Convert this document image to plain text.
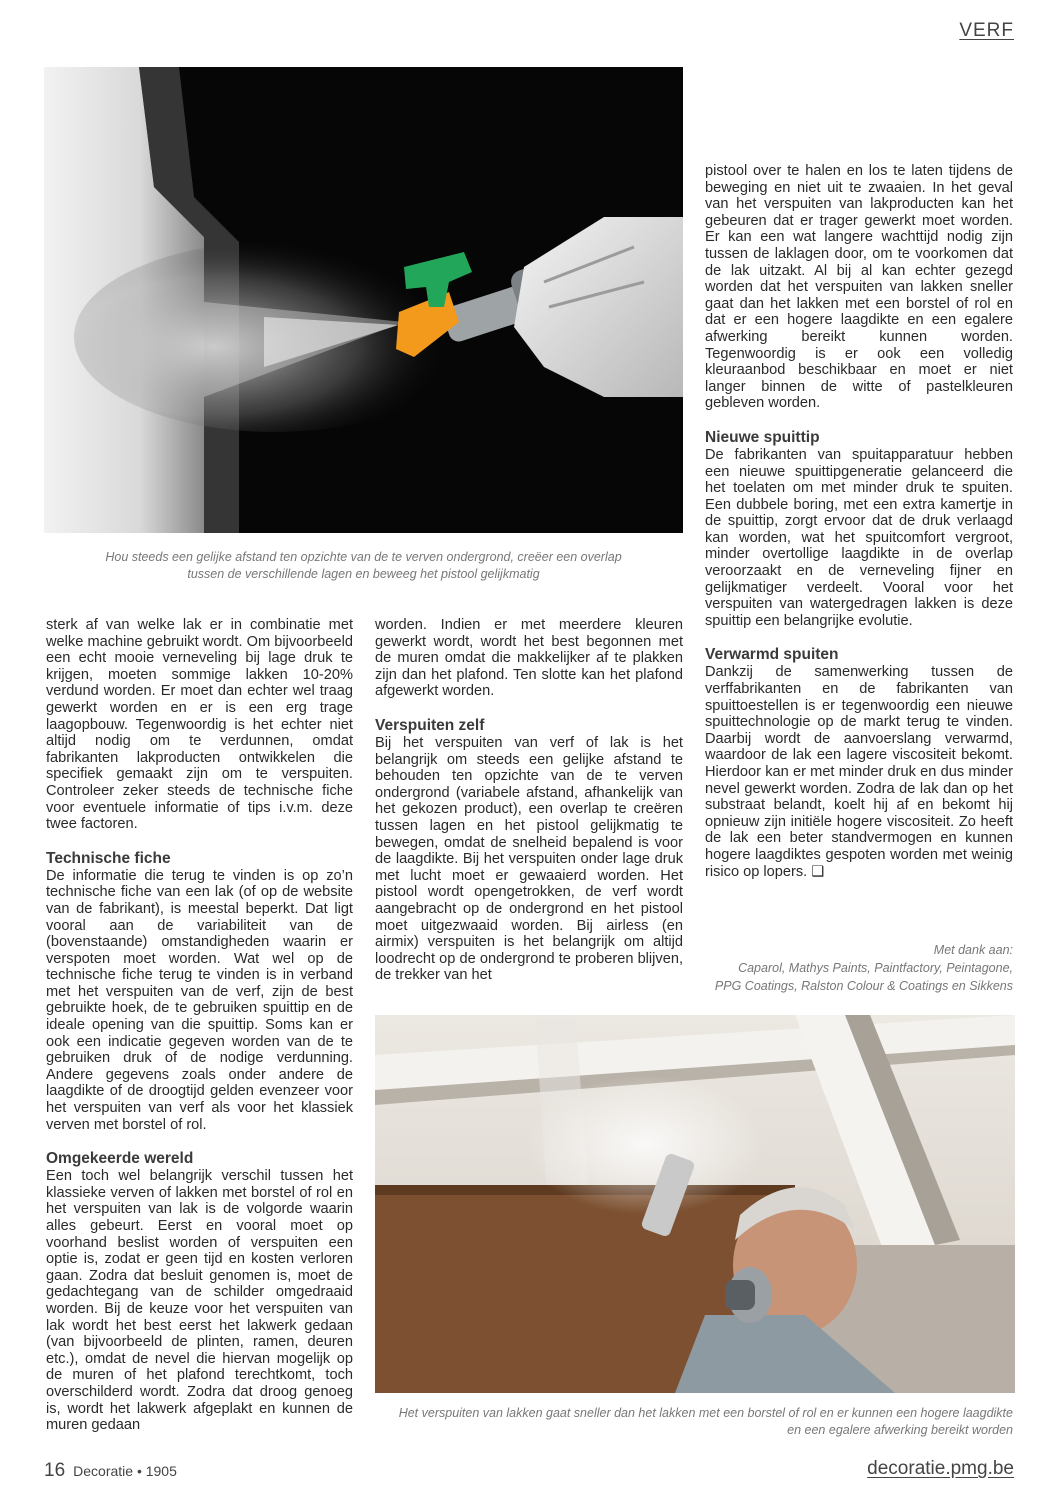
VERF
Hou steeds een gelijke afstand ten opzichte van de te verven ondergrond, creëer een overlap
tussen de verschillende lagen en beweeg het pistool gelijkmatig

pistool over te halen en los te laten tijdens de beweging en niet uit te zwaaien. In het geval van het verspuiten van lakproducten kan het gebeuren dat er trager gewerkt moet worden. Er kan een wat langere wachttijd nodig zijn tussen de laklagen door, om te voorkomen dat de lak uitzakt. Al bij al kan echter gezegd worden dat het verspuiten van lakken sneller gaat dan het lakken met een borstel of rol en dat er een hogere laagdikte en een egalere afwerking bereikt kunnen worden. Tegenwoordig is er ook een volledig kleuraanbod beschikbaar en moet er niet langer binnen de witte of pastelkleuren gebleven worden.

Nieuwe spuittip

De fabrikanten van spuitapparatuur hebben een nieuwe spuittipgeneratie gelanceerd die het toelaten om met minder druk te spuiten. Een dubbele boring, met een extra kamertje in de spuittip, zorgt ervoor dat de druk verlaagd kan worden, wat het spuitcomfort vergroot, minder overtollige laagdikte in de overlap veroorzaakt en de verneveling fijner en gelijkmatiger verdeelt. Vooral voor het verspuiten van watergedragen lakken is deze spuittip een belangrijke evolutie.

Verwarmd spuiten

Dankzij de samenwerking tussen de verffabrikanten en de fabrikanten van spuittoestellen is er tegenwoordig een nieuwe spuittechnologie op de markt terug te vinden. Daarbij wordt de aanvoerslang verwarmd, waardoor de lak een lagere viscositeit bekomt. Hierdoor kan er met minder druk en dus minder nevel gewerkt worden. Zodra de lak dan op het substraat belandt, koelt hij af en bekomt hij opnieuw zijn initiële hogere viscositeit. Zo heeft de lak een beter standvermogen en kunnen hogere laagdiktes gespoten worden met weinig risico op lopers. ❑

sterk af van welke lak er in combinatie met welke machine gebruikt wordt. Om bijvoorbeeld een echt mooie verneveling bij lage druk te krijgen, moeten sommige lakken 10-20% verdund worden. Er moet dan echter wel traag gewerkt worden en er is een erg trage laagopbouw. Tegenwoordig is het echter niet altijd nodig om te verdunnen, omdat fabrikanten lakproducten ontwikkelen die specifiek gemaakt zijn om te verspuiten. Controleer zeker steeds de technische fiche voor eventuele informatie of tips i.v.m. deze twee factoren.

Technische fiche

De informatie die terug te vinden is op zo’n technische fiche van een lak (of op de website van de fabrikant), is meestal beperkt. Dat ligt vooral aan de variabiliteit van de (bovenstaande) omstandigheden waarin er verspoten moet worden. Wat wel op de technische fiche terug te vinden is in verband met het verspuiten van de verf, zijn de best gebruikte hoek, de te gebruiken spuittip en de ideale opening van die spuittip. Soms kan er ook een indicatie gegeven worden van de te gebruiken druk of de nodige verdunning. Andere gegevens zoals onder andere de laagdikte of de droogtijd gelden evenzeer voor het verspuiten van verf als voor het klassiek verven met borstel of rol.

Omgekeerde wereld

Een toch wel belangrijk verschil tussen het klassieke verven of lakken met borstel of rol en het verspuiten van lak is de volgorde waarin alles gebeurt. Eerst en vooral moet op voorhand beslist worden of verspuiten een optie is, zodat er geen tijd en kosten verloren gaan. Zodra dat besluit genomen is, moet de gedachtegang van de schilder omgedraaid worden. Bij de keuze voor het verspuiten van lak wordt het best eerst het lakwerk gedaan (van bijvoorbeeld de plinten, ramen, deuren etc.), omdat de nevel die hiervan mogelijk op de muren of het plafond terechtkomt, toch overschilderd wordt. Zodra dat droog genoeg is, wordt het lakwerk afgeplakt en kunnen de muren gedaan

worden. Indien er met meerdere kleuren gewerkt wordt, wordt het best begonnen met de muren omdat die makkelijker af te plakken zijn dan het plafond. Ten slotte kan het plafond afgewerkt worden.

Verspuiten zelf

Bij het verspuiten van verf of lak is het belangrijk om steeds een gelijke afstand te behouden ten opzichte van de te verven ondergrond (variabele afstand, afhankelijk van het gekozen product), een overlap te creëren tussen lagen en het pistool gelijkmatig te bewegen, omdat de snelheid bepalend is voor de laagdikte. Bij het verspuiten onder lage druk met lucht moet er gewaaierd worden. Het pistool wordt opengetrokken, de verf wordt aangebracht op de ondergrond en het pistool moet uitgezwaaid worden. Bij airless (en airmix) verspuiten is het belangrijk om altijd loodrecht op de ondergrond te proberen blijven, de trekker van het

Met dank aan:
Caparol, Mathys Paints, Paintfactory, Peintagone,
PPG Coatings, Ralston Colour & Coatings en Sikkens
Het verspuiten van lakken gaat sneller dan het lakken met een borstel of rol en er kunnen een hogere laagdikte
en een egalere afwerking bereikt worden
16 Decoratie • 1905	decoratie.pmg.be
